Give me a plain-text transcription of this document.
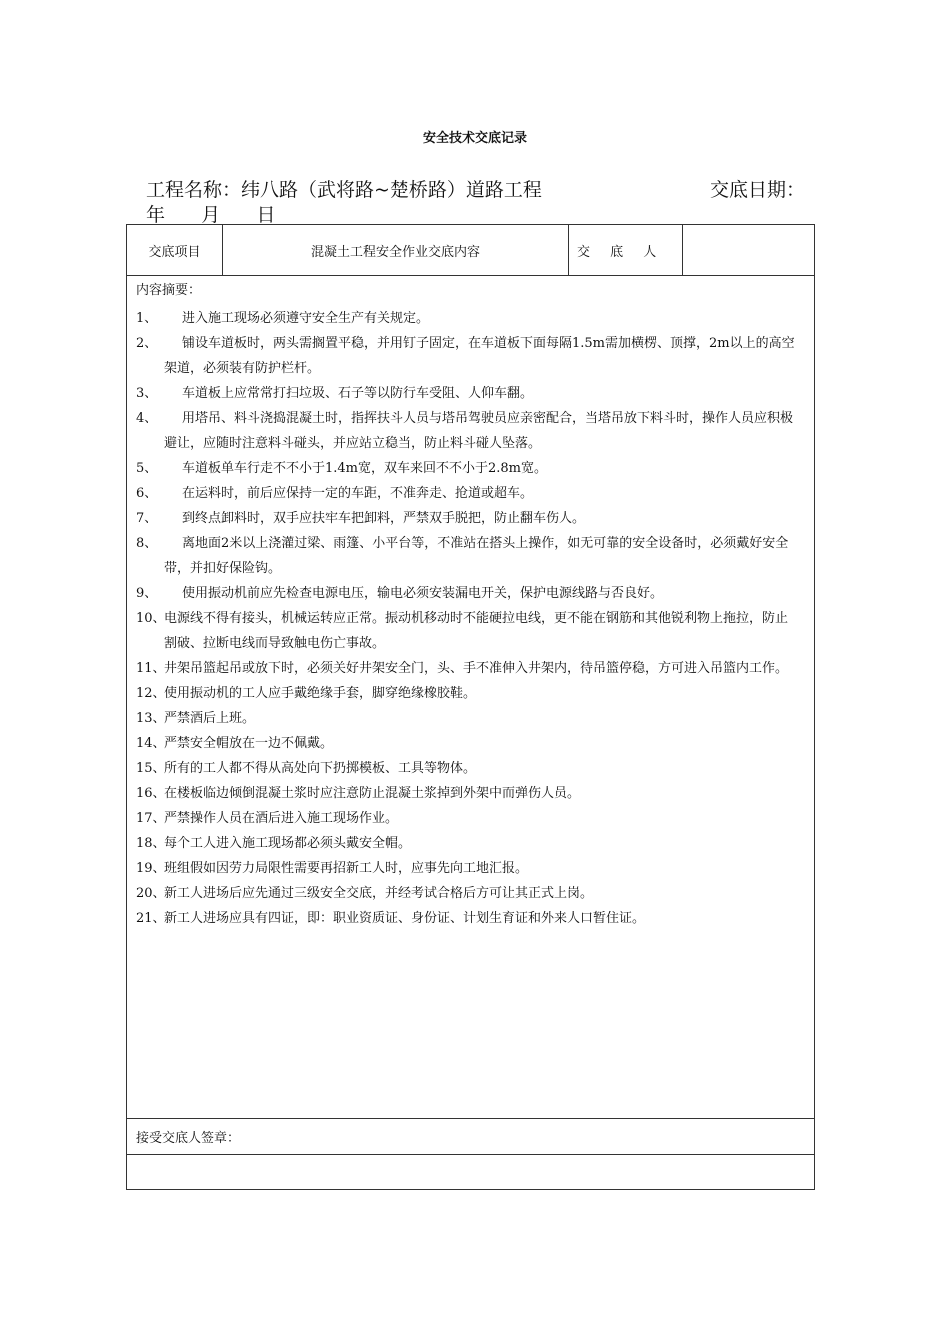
安全技术交底记录
工程名称：纬八路（武将路~楚桥路）道路工程	交底日期：
年      月      日
交底项目	混凝土工程安全作业交底内容	交 底 人
内容摘要：
1、	进入施工现场必须遵守安全生产有关规定。
2、	铺设车道板时，两头需搁置平稳，并用钉子固定，在车道板下面每隔1.5m需加横楞、顶撑，2m以上的高空架道，必须装有防护栏杆。
3、	车道板上应常常打扫垃圾、石子等以防行车受阻、人仰车翻。
4、	用塔吊、料斗浇捣混凝土时，指挥扶斗人员与塔吊驾驶员应亲密配合，当塔吊放下料斗时，操作人员应积极避让，应随时注意料斗碰头，并应站立稳当，防止料斗碰人坠落。
5、	车道板单车行走不不小于1.4m宽，双车来回不不小于2.8m宽。
6、	在运料时，前后应保持一定的车距，不准奔走、抢道或超车。
7、	到终点卸料时，双手应扶牢车把卸料，严禁双手脱把，防止翻车伤人。
8、	离地面2米以上浇灌过梁、雨篷、小平台等，不准站在搭头上操作，如无可靠的安全设备时，必须戴好安全带，并扣好保险钩。
9、	使用振动机前应先检查电源电压，输电必须安装漏电开关，保护电源线路与否良好。
10、
电源线不得有接头，机械运转应正常。振动机移动时不能硬拉电线，更不能在钢筋和其他锐利物上拖拉，防止割破、拉断电线而导致触电伤亡事故。
11、
井架吊篮起吊或放下时，必须关好井架安全门，头、手不准伸入井架内，待吊篮停稳，方可进入吊篮内工作。
12、
使用振动机的工人应手戴绝缘手套，脚穿绝缘橡胶鞋。
13、
严禁酒后上班。
14、
严禁安全帽放在一边不佩戴。
15、
所有的工人都不得从高处向下扔掷模板、工具等物体。
16、
在楼板临边倾倒混凝土浆时应注意防止混凝土浆掉到外架中而弹伤人员。
17、
严禁操作人员在酒后进入施工现场作业。
18、
每个工人进入施工现场都必须头戴安全帽。
19、
班组假如因劳力局限性需要再招新工人时，应事先向工地汇报。
20、
新工人进场后应先通过三级安全交底，并经考试合格后方可让其正式上岗。
21、
新工人进场应具有四证，即：职业资质证、身份证、计划生育证和外来人口暂住证。
接受交底人签章：
